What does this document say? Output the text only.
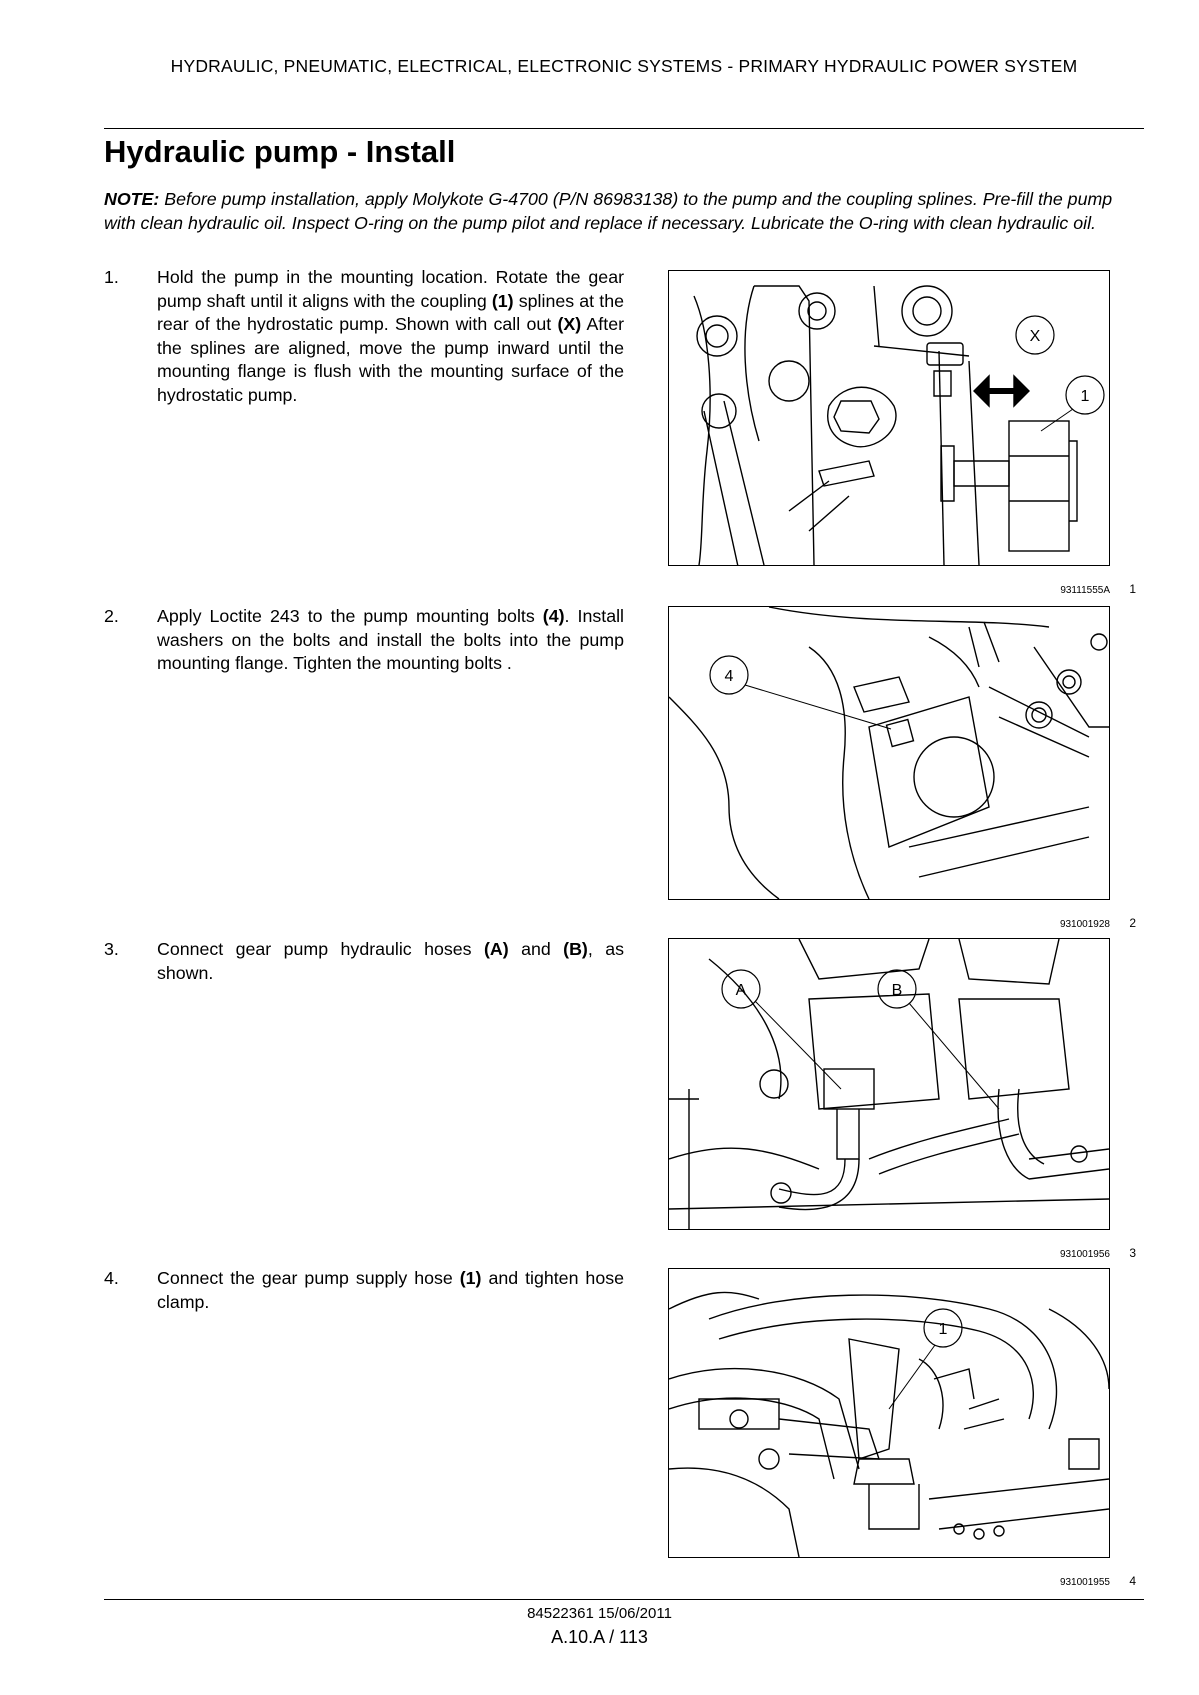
HYDRAULIC, PNEUMATIC, ELECTRICAL, ELECTRONIC SYSTEMS - PRIMARY HYDRAULIC POWER SYSTEM
Hydraulic pump - Install
NOTE: Before pump installation, apply Molykote G-4700 (P/N 86983138) to the pump and the coupling splines. Pre-fill the pump with clean hydraulic oil. Inspect O-ring on the pump pilot and replace if necessary. Lubricate the O-ring with clean hydraulic oil.
1. Hold the pump in the mounting location. Rotate the gear pump shaft until it aligns with the coupling (1) splines at the rear of the hydrostatic pump. Shown with call out (X) After the splines are aligned, move the pump inward until the mounting flange is flush with the mounting surface of the hydrostatic pump.
X
1
93111555A 1
2. Apply Loctite 243 to the pump mounting bolts (4). Install washers on the bolts and install the bolts into the pump mounting flange. Tighten the mounting bolts .
4
931001928 2
3. Connect gear pump hydraulic hoses (A) and (B), as shown.
A	B
931001956 3
4. Connect the gear pump supply hose (1) and tighten hose clamp.
1
931001955 4
84522361 15/06/2011
A.10.A / 113
